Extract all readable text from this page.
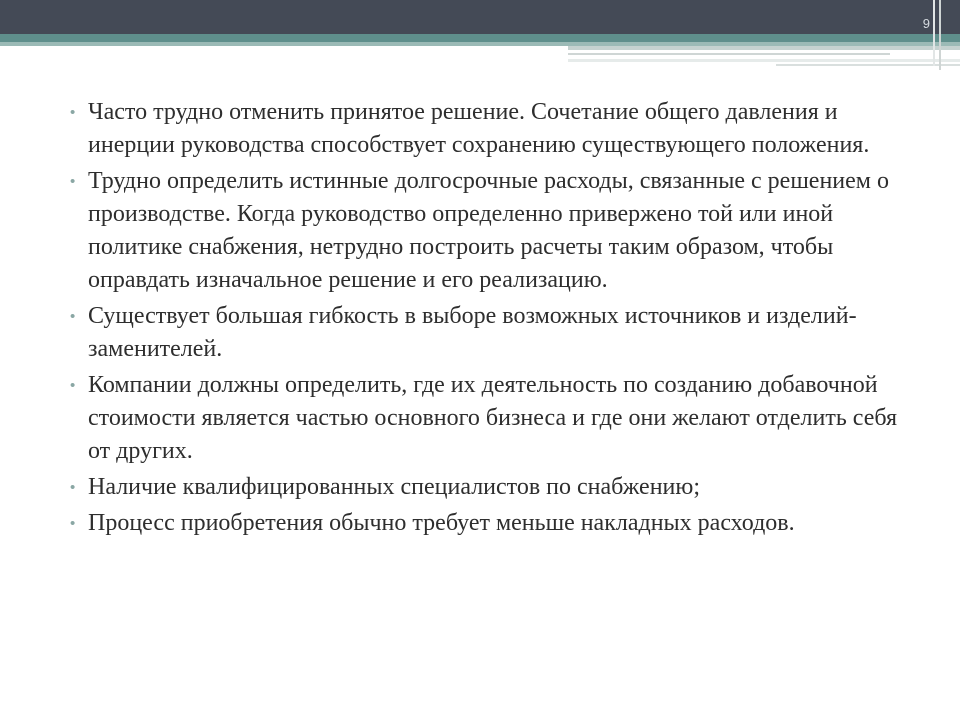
9
• Часто трудно отменить принятое решение. Сочетание общего давления и инерции руководства способствует сохранению существующего положения.
• Трудно определить истинные долгосрочные расходы, связанные с решением о производстве. Когда руководство определенно привержено той или иной политике снабжения, нетрудно построить расчеты таким образом, чтобы оправдать изначальное решение и его реализацию.
• Существует большая гибкость в выборе возможных источников и изделий-заменителей.
• Компании должны определить, где их деятельность по созданию добавочной стоимости является частью основного бизнеса и где они желают отделить себя от других.
• Наличие квалифицированных специалистов по снабжению;
• Процесс приобретения обычно требует меньше накладных расходов.
